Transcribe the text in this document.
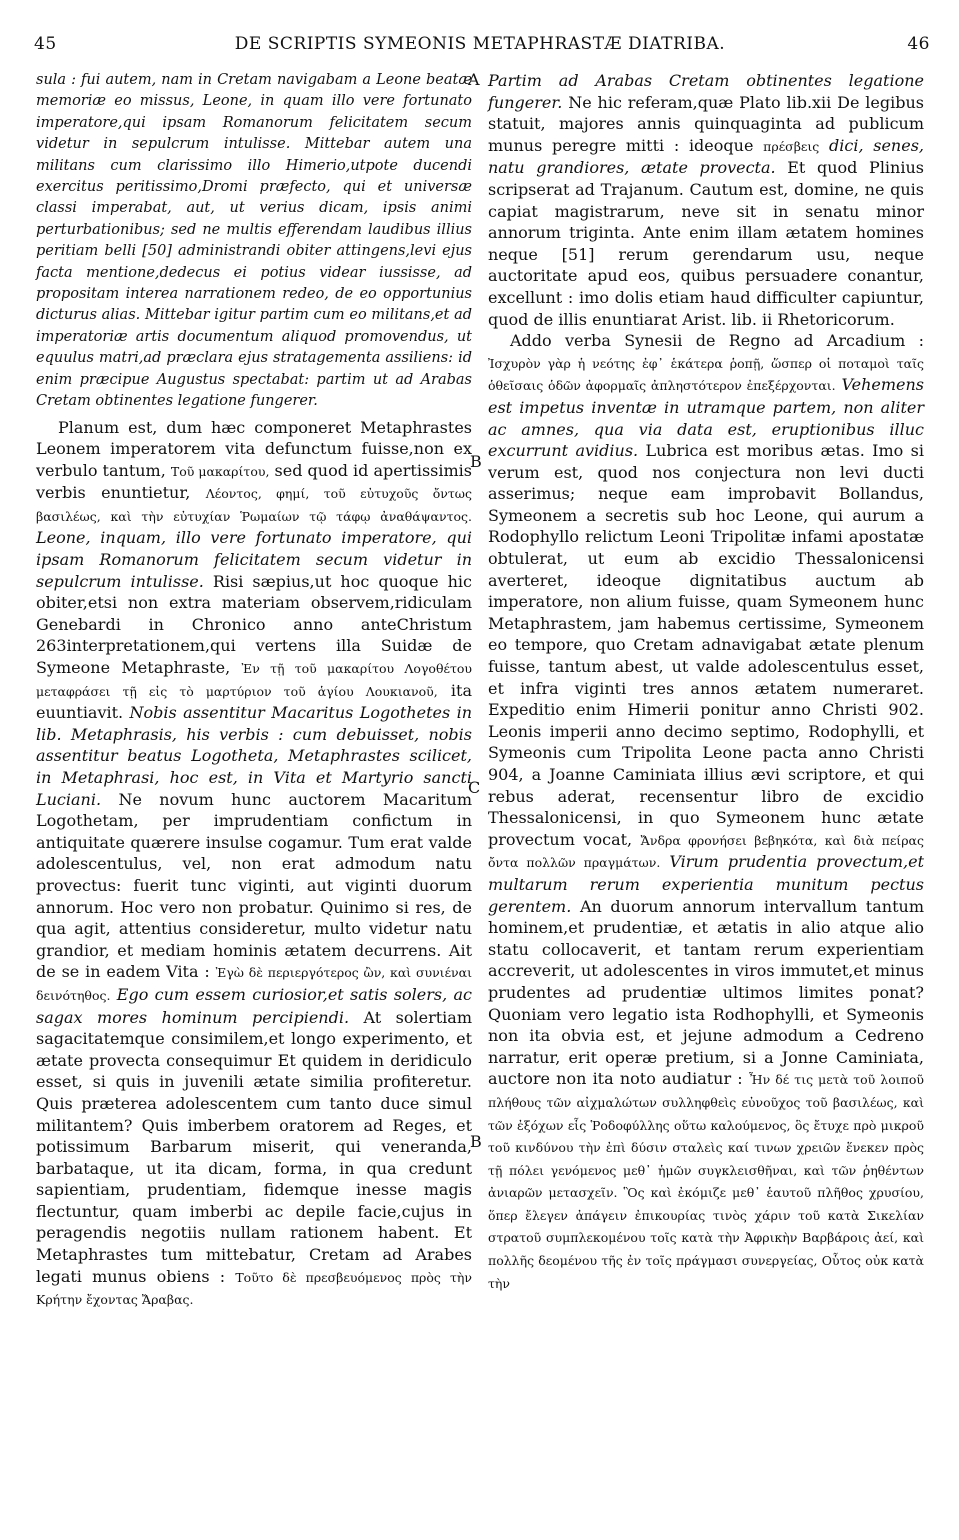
45	DE SCRIPTIS SYMEONIS METAPHRASTÆ DIATRIBA.	46
A
B
C
B

sula : fui autem, nam in Cretam navigabam a Leone beatæ memoriæ eo missus, Leone, in quam illo vere fortunato imperatore,qui ipsam Romanorum felicitatem secum videtur in sepulcrum intulisse. Mittebar autem una militans cum clarissimo illo Himerio,utpote ducendi exercitus peritissimo,Dromi præfecto, qui et universæ classi imperabat, aut, ut verius dicam, ipsis animi perturbationibus; sed ne multis efferendam laudibus illius peritiam belli [50] administrandi obiter attingens,levi ejus facta mentione,dedecus ei potius videar iussisse, ad propositam interea narrationem redeo, de eo opportunius dicturus alias. Mittebar igitur partim cum eo militans,et ad imperatoriæ artis documentum aliquod promovendus, ut equulus matri,ad præclara ejus stratagementa assiliens: id enim præcipue Augustus spectabat: partim ut ad Arabas Cretam obtinentes legatione fungerer.

Planum est, dum hæc componeret Metaphrastes Leonem imperatorem vita defunctum fuisse,non ex verbulo tantum, Τοῦ μακαρίτου, sed quod id apertissimis verbis enuntietur, Λέοντος, φημί, τοῦ εὐτυχοῦς ὄντως βασιλέως, καὶ τὴν εὐτυχίαν Ῥωμαίων τῷ τάφῳ ἀναθάψαντος. Leone, inquam, illo vere fortunato imperatore, qui ipsam Romanorum felicitatem secum videtur in sepulcrum intulisse. Risi sæpius,ut hoc quoque hic obiter,etsi non extra materiam observem,ridiculam Genebardi in Chronico anno anteChristum 263interpretationem,qui vertens illa Suidæ de Symeone Metaphraste, Ἐν τῇ τοῦ μακαρίτου Λογοθέτου μεταφράσει τῇ εἰς τὸ μαρτύριον τοῦ ἁγίου Λουκιανοῦ, ita euuntiavit. Nobis assentitur Macaritus Logothetes in lib. Metaphrasis, his verbis : cum debuisset, nobis assentitur beatus Logotheta, Metaphrastes scilicet, in Metaphrasi, hoc est, in Vita et Martyrio sancti Luciani. Ne novum hunc auctorem Macaritum Logothetam, per imprudentiam confictum in antiquitate quærere insulse cogamur. Tum erat valde adolescentulus, vel, non erat admodum natu provectus: fuerit tunc viginti, aut viginti duorum annorum. Hoc vero non probatur. Quinimo si res, de qua agit, attentius consideretur, multo videtur natu grandior, et mediam hominis ætatem decurrens. Ait de se in eadem Vita : Ἐγὼ δὲ περιεργότερος ὢν, καὶ συνιέναι δεινότηθος. Ego cum essem curiosior,et satis solers, ac sagax mores hominum percipiendi. At solertiam sagacitatemque consimilem,et longo experimento, et ætate provecta consequimur Et quidem in deridiculo esset, si quis in juvenili ætate similia profiteretur. Quis præterea adolescentem cum tanto duce simul militantem? Quis imberbem oratorem ad Reges, et potissimum Barbarum miserit, qui veneranda, barbataque, ut ita dicam, forma, in qua credunt sapientiam, prudentiam, fidemque inesse magis flectuntur, quam imberbi ac depile facie,cujus in peragendis negotiis nullam rationem habent. Et Metaphrastes tum mittebatur, Cretam ad Arabes legati munus obiens : Τοῦτο δὲ πρεσβευόμενος πρὸς τὴν Κρήτην ἔχοντας Ἄραβας.

Partim ad Arabas Cretam obtinentes legatione fungerer. Ne hic referam,quæ Plato lib.xii De legibus statuit, majores annis quinquaginta ad publicum munus peregre mitti : ideoque πρέσβεις dici, senes, natu grandiores, ætate provecta. Et quod Plinius scripserat ad Trajanum. Cautum est, domine, ne quis capiat magistrarum, neve sit in senatu minor annorum triginta. Ante enim illam ætatem homines neque [51] rerum gerendarum usu, neque auctoritate apud eos, quibus persuadere conantur, excellunt : imo dolis etiam haud difficulter capiuntur, quod de illis enuntiarat Arist. lib. ii Rhetoricorum.

Addo verba Synesii de Regno ad Arcadium : Ἰσχυρὸν γὰρ ἡ νεότης ἐφ᾿ ἑκάτερα ῥοπῇ, ὥσπερ οἱ ποταμοὶ ταῖς ὁθεῖσαις ὁδῶν ἀφορμαῖς ἀπληστότερον ἐπεξέρχονται. Vehemens est impetus inventæ in utramque partem, non aliter ac amnes, qua via data est, eruptionibus illuc excurrunt avidius. Lubrica est moribus ætas. Imo si verum est, quod nos conjectura non levi ducti asserimus; neque eam improbavit Bollandus, Symeonem a secretis sub hoc Leone, qui aurum a Rodophyllo relictum Leoni Tripolitæ infami apostatæ obtulerat, ut eum ab excidio Thessalonicensi averteret, ideoque dignitatibus auctum ab imperatore, non alium fuisse, quam Symeonem hunc Metaphrastem, jam habemus certissime, Symeonem eo tempore, quo Cretam adnavigabat ætate plenum fuisse, tantum abest, ut valde adolescentulus esset, et infra viginti tres annos ætatem numeraret. Expeditio enim Himerii ponitur anno Christi 902. Leonis imperii anno decimo septimo, Rodophylli, et Symeonis cum Tripolita Leone pacta anno Christi 904, a Joanne Caminiata illius ævi scriptore, et qui rebus aderat, recensentur libro de excidio Thessalonicensi, in quo Symeonem hunc ætate provectum vocat, Ἄνδρα φρονήσει βεβηκότα, καὶ διὰ πείρας ὄντα πολλῶν πραγμάτων. Virum prudentia provectum,et multarum rerum experientia munitum pectus gerentem. An duorum annorum intervallum tantum hominem,et prudentiæ, et ætatis in alio atque alio statu collocaverit, et tantam rerum experientiam accreverit, ut adolescentes in viros immutet,et minus prudentes ad prudentiæ ultimos limites ponat? Quoniam vero legatio ista Rodhophylli, et Symeonis non ita obvia est, et jejune admodum a Cedreno narratur, erit operæ pretium, si a Jonne Caminiata, auctore non ita noto audiatur : Ἦν δέ τις μετὰ τοῦ λοιποῦ πλήθους τῶν αἰχμαλώτων συλληφθεὶς εὐνοῦχος τοῦ βασιλέως, καὶ τῶν ἐξόχων εἷς Ῥοδοφύλλης οὕτω καλούμενος, ὃς ἔτυχε πρὸ μικροῦ τοῦ κινδύνου τὴν ἐπὶ δύσιν σταλεὶς καί τινων χρειῶν ἕνεκεν πρὸς τῇ πόλει γενόμενος μεθ᾿ ἡμῶν συγκλεισθῆναι, καὶ τῶν ῥηθέντων ἀνιαρῶν μετασχεῖν. Ὃς καὶ ἐκόμιζε μεθ᾿ ἑαυτοῦ πλῆθος χρυσίου, ὅπερ ἔλεγεν ἀπάγειν ἐπικουρίας τινὸς χάριν τοῦ κατὰ Σικελίαν στρατοῦ συμπλεκομένου τοῖς κατὰ τὴν Ἀφρικὴν Βαρβάροις ἀεί, καὶ πολλῆς δεομένου τῆς ἐν τοῖς πράγμασι συνεργείας, Οὗτος οὐκ κατὰ τὴν
